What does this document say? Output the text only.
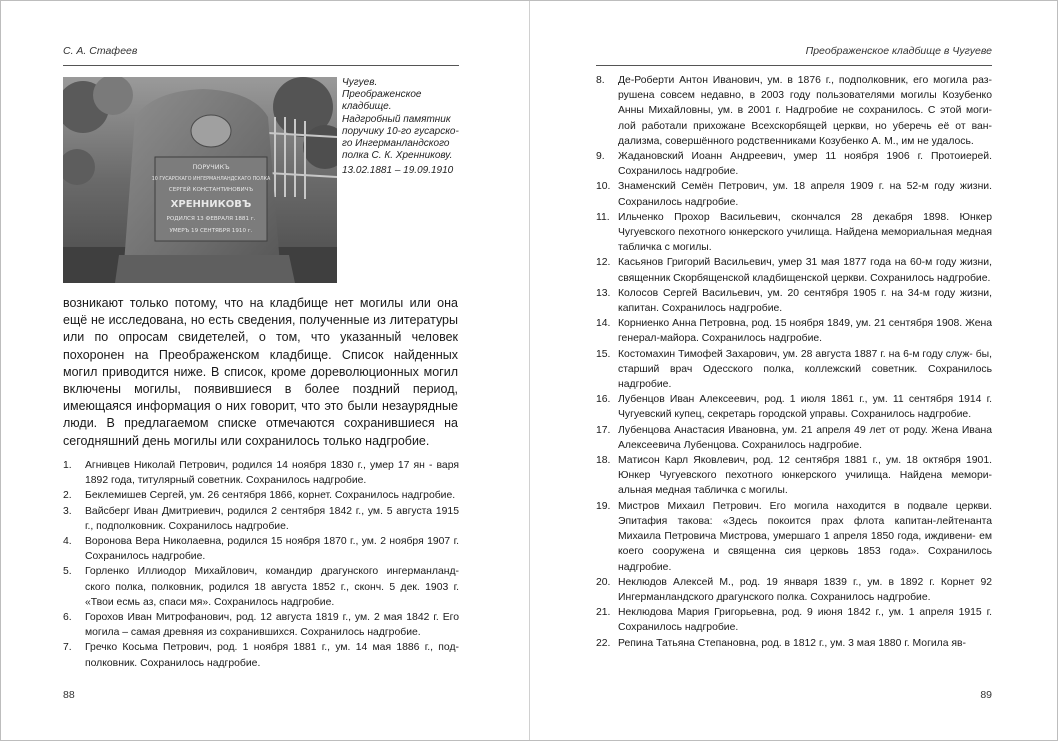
С. А. Стафеев
ПОРУЧИКЪ
10 ГУСАРСКАГО ИНГЕРМАНЛАНДСКАГО ПОЛКА
СЕРГЕЙ КОНСТАНТИНОВИЧЪ
ХРЕННИКОВЪ
РОДИЛСЯ 13 ФЕВРАЛЯ 1881 г.
УМЕРЪ 19 СЕНТЯБРЯ 1910 г.

Чугуев.

Преображенское

кладбище.

Надгробный памятник

поручику 10-го гусарско-

го Ингерманландского

полка С. К. Хренникову.

13.02.1881 – 19.09.1910

возникают только потому, что на кладбище нет могилы или она ещё не исследована, но есть сведения, полученные из литературы или по опросам свидетелей, о том, что указанный человек похоронен на Преображенском кладбище. Список найденных могил приводится ниже. В список, кроме дореволюционных могил включены могилы, появившиеся в более поздний период, имеющаяся информация о них говорит, что это были незаурядные люди. В предлагаемом списке отмечаются сохранившиеся на сегодняшний день могилы или сохранилось только надгробие.

1. Агнивцев Николай Петрович, родился 14 ноября 1830 г., умер 17 ян - варя 1892 года, титулярный советник. Сохранилось надгробие.
2. Беклемишев Сергей, ум. 26 сентября 1866, корнет. Сохранилось надгробие.
3. Вайсберг Иван Дмитриевич, родился 2 сентября 1842 г., ум. 5 августа 1915 г., подполковник. Сохранилось надгробие.
4. Воронова Вера Николаевна, родился 15 ноября 1870 г., ум. 2 ноября 1907 г. Сохранилось надгробие.
5. Горленко Иллиодор Михайлович, командир драгунского ингерманланд- ского полка, полковник, родился 18 августа 1852 г., сконч. 5 дек. 1903 г. «Твои есмь аз, спаси мя». Сохранилось надгробие.
6. Горохов Иван Митрофанович, род. 12 августа 1819 г., ум. 2 мая 1842 г. Его могила – самая древняя из сохранившихся. Сохранилось надгробие.
7. Гречко Косьма Петрович, род. 1 ноября 1881 г., ум. 14 мая 1886 г., под- полковник. Сохранилось надгробие.
88
Преображенское кладбище в Чугуеве
8. Де-Роберти Антон Иванович, ум. в 1876 г., подполковник, его могила раз- рушена совсем недавно, в 2003 году пользователями могилы Козубенко Анны Михайловны, ум. в 2001 г. Надгробие не сохранилось. С этой моги- лой работали прихожане Всехскорбящей церкви, но уберечь её от ван- дализма, совершённого родственниками Козубенко А. М., им не удалось.
9. Жадановский Иоанн Андреевич, умер 11 ноября 1906 г. Протоиерей. Сохранилось надгробие.
10. Знаменский Семён Петрович, ум. 18 апреля 1909 г. на 52-м году жизни. Сохранилось надгробие.
11. Ильченко Прохор Васильевич, скончался 28 декабря 1898. Юнкер Чугуевского пехотного юнкерского училища. Найдена мемориальная медная табличка с могилы.
12. Касьянов Григорий Васильевич, умер 31 мая 1877 года на 60-м году жизни, священник Скорбященской кладбищенской церкви. Сохранилось надгробие.
13. Колосов Сергей Васильевич, ум. 20 сентября 1905 г. на 34-м году жизни, капитан. Сохранилось надгробие.
14. Корниенко Анна Петровна, род. 15 ноября 1849, ум. 21 сентября 1908. Жена генерал-майора. Сохранилось надгробие.
15. Костомахин Тимофей Захарович, ум. 28 августа 1887 г. на 6-м году служ- бы, старший врач Одесского полка, коллежский советник. Сохранилось надгробие.
16. Лубенцов Иван Алексеевич, род. 1 июля 1861 г., ум. 11 сентября 1914 г. Чугуевский купец, секретарь городской управы. Сохранилось надгробие.
17. Лубенцова Анастасия Ивановна, ум. 21 апреля 49 лет от роду. Жена Ивана Алексеевича Лубенцова. Сохранилось надгробие.
18. Матисон Карл Яковлевич, род. 12 сентября 1881 г., ум. 18 октября 1901. Юнкер Чугуевского пехотного юнкерского училища. Найдена мемори- альная медная табличка с могилы.
19. Мистров Михаил Петрович. Его могила находится в подвале церкви. Эпитафия такова: «Здесь покоится прах флота капитан-лейтенанта Михаила Петровича Мистрова, умершаго 1 апреля 1850 года, иждивени- ем коего сооружена и священна сия церковь 1853 года». Сохранилось надгробие.
20. Неклюдов Алексей М., род. 19 января 1839 г., ум. в 1892 г. Корнет 92 Ингерманландского драгунского полка. Сохранилось надгробие.
21. Неклюдова Мария Григорьевна, род. 9 июня 1842 г., ум. 1 апреля 1915 г. Сохранилось надгробие.
22. Репина Татьяна Степановна, род. в 1812 г., ум. 3 мая 1880 г. Могила яв-
89
